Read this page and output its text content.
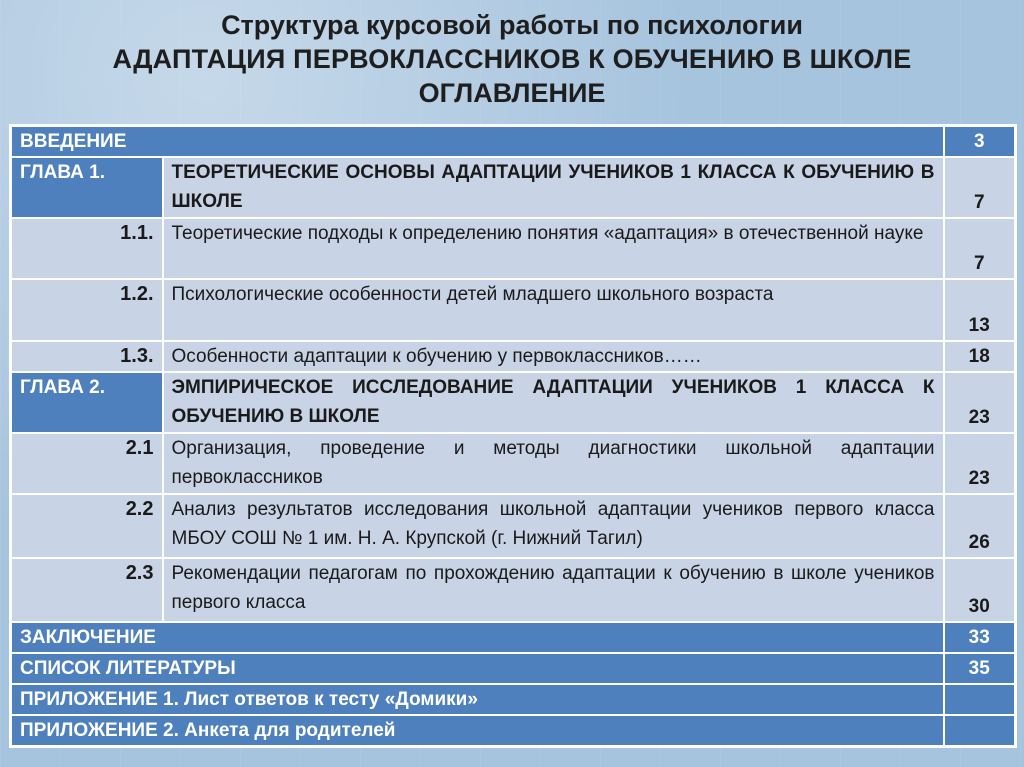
Структура курсовой работы по психологии
АДАПТАЦИЯ ПЕРВОКЛАССНИКОВ К ОБУЧЕНИЮ В ШКОЛЕ
ОГЛАВЛЕНИЕ
ВВЕДЕНИЕ		3
ГЛАВА 1.	ТЕОРЕТИЧЕСКИЕ ОСНОВЫ АДАПТАЦИИ УЧЕНИКОВ 1 КЛАССА К ОБУЧЕНИЮ В ШКОЛЕ	7
1.1.	Теоретические подходы к определению понятия «адаптация» в отечественной науке	7
1.2.	Психологические особенности детей младшего школьного возраста	13
1.3.	Особенности адаптации к обучению у первоклассников……	18
ГЛАВА 2.	ЭМПИРИЧЕСКОЕ ИССЛЕДОВАНИЕ АДАПТАЦИИ УЧЕНИКОВ 1 КЛАССА К ОБУЧЕНИЮ В ШКОЛЕ	23
2.1	Организация, проведение и методы диагностики школьной адаптации первоклассников	23
2.2	Анализ результатов исследования школьной адаптации учеников первого класса МБОУ СОШ № 1 им. Н. А. Крупской (г. Нижний Тагил)	26
2.3	Рекомендации педагогам по прохождению адаптации к обучению в школе учеников первого класса	30
ЗАКЛЮЧЕНИЕ		33
СПИСОК ЛИТЕРАТУРЫ		35
ПРИЛОЖЕНИЕ 1. Лист ответов к тесту «Домики»		
ПРИЛОЖЕНИЕ 2. Анкета для родителей		
